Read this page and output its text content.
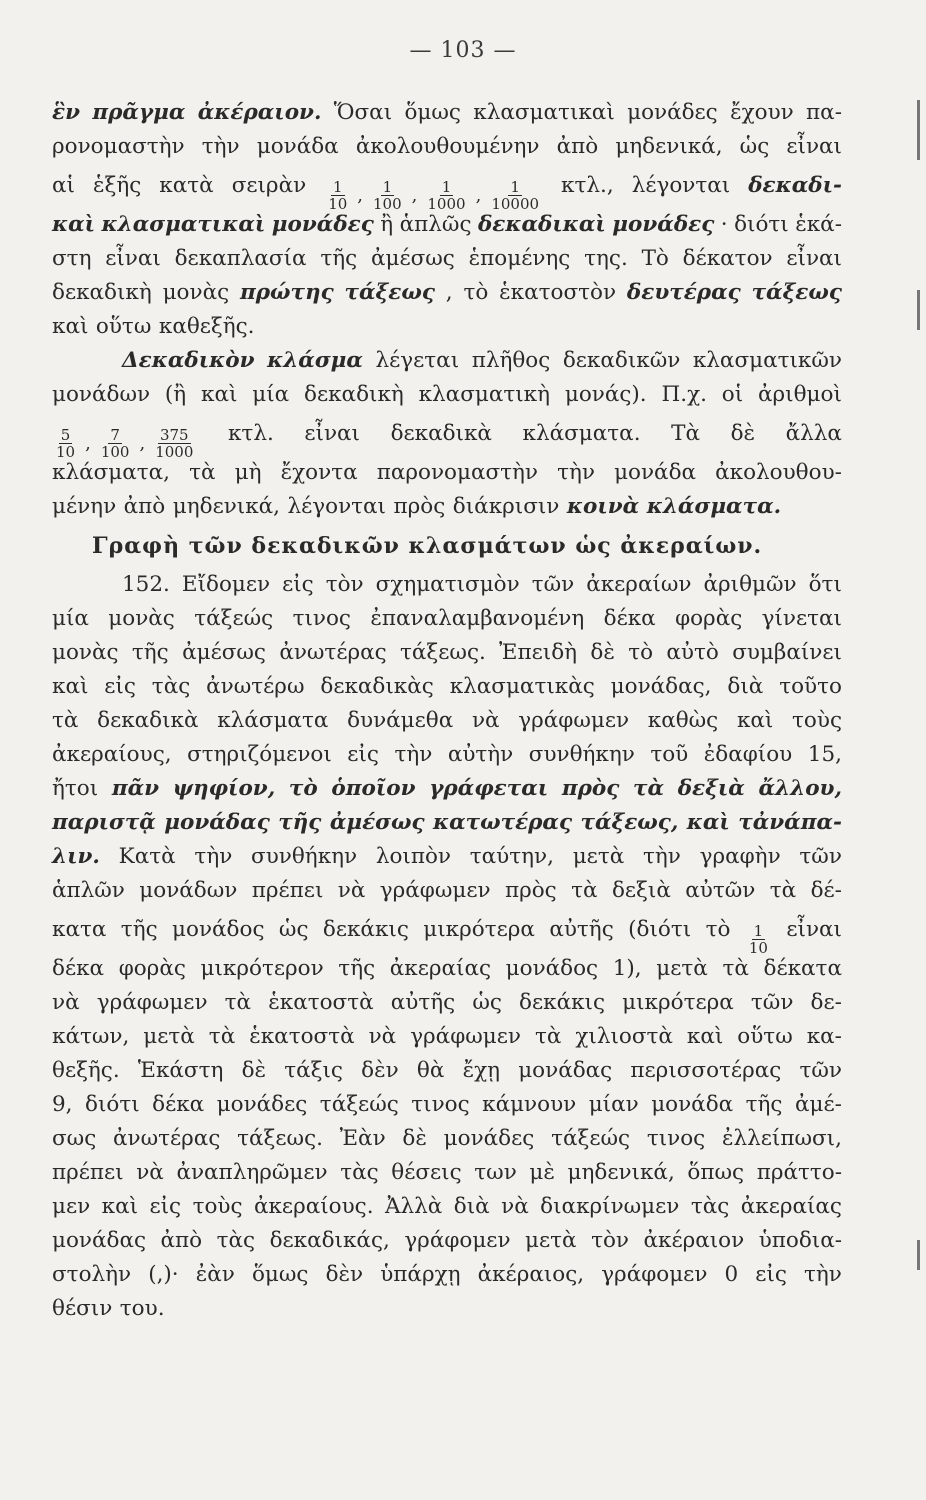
— 103 —
ἓν πρᾶγμα ἀκέραιον. Ὅσαι ὅμως κλασματικαὶ μονάδες ἔχουν πα-
ρονομαστὴν τὴν μονάδα ἀκολουθουμένην ἀπὸ μηδενικά, ὡς εἶναι
αἱ ἑξῆς κατὰ σειρὰν $\frac{1}{10}$ , $\frac{1}{100}$ , $\frac{1}{1000}$ , $\frac{1}{10000} \kappa\tau\lambda$., λέγονται δεκαδι-
καὶ κλασματικαὶ μονάδες ἢ ἁπλῶς δεκαδικαὶ μονάδες · διότι ἑκά-
στη εἶναι δεκαπλασία τῆς ἀμέσως ἑπομένης της. Τὸ δέκατον εἶναι
δεκαδικὴ μονὰς πρώτης τάξεως , τὸ ἑκατοστὸν δευτέρας τάξεως
καὶ οὕτω καθεξῆς.
Δεκαδικὸν κλάσμα λέγεται πλῆθος δεκαδικῶν κλασματικῶν
μονάδων (ἢ καὶ μία δεκαδικὴ κλασματικὴ μονάς). Π.χ. οἱ ἀριθμοὶ
$\frac{5}{10}$ , $\frac{7}{100}$ , $\frac{375}{1000} \kappa\tau\lambda$. εἶναι δεκαδικὰ κλάσματα. Τὰ δὲ ἄλλα
κλάσματα, τὰ μὴ ἔχοντα παρονομαστὴν τὴν μονάδα ἀκολουθου-
μένην ἀπὸ μηδενικά, λέγονται πρὸς διάκρισιν κοινὰ κλάσματα.
Γραφὴ τῶν δεκαδικῶν κλασμάτων ὡς ἀκεραίων.
152. Εἴδομεν εἰς τὸν σχηματισμὸν τῶν ἀκεραίων ἀριθμῶν ὅτι
μία μονὰς τάξεώς τινος ἐπαναλαμβανομένη δέκα φορὰς γίνεται
μονὰς τῆς ἀμέσως ἀνωτέρας τάξεως. Ἐπειδὴ δὲ τὸ αὐτὸ συμβαίνει
καὶ εἰς τὰς ἀνωτέρω δεκαδικὰς κλασματικὰς μονάδας, διὰ τοῦτο
τὰ δεκαδικὰ κλάσματα δυνάμεθα νὰ γράφωμεν καθὼς καὶ τοὺς
ἀκεραίους, στηριζόμενοι εἰς τὴν αὐτὴν συνθήκην τοῦ ἐδαφίου 15,
ἤτοι πᾶν ψηφίον, τὸ ὁποῖον γράφεται πρὸς τὰ δεξιὰ ἄλλου,
παριστᾷ μονάδας τῆς ἀμέσως κατωτέρας τάξεως, καὶ τἀνάπα-
λιν. Κατὰ τὴν συνθήκην λοιπὸν ταύτην, μετὰ τὴν γραφὴν τῶν
ἁπλῶν μονάδων πρέπει νὰ γράφωμεν πρὸς τὰ δεξιὰ αὐτῶν τὰ δέ-
κατα τῆς μονάδος ὡς δεκάκις μικρότερα αὐτῆς (διότι τὸ $\frac{1}{10}$ εἶναι
δέκα φορὰς μικρότερον τῆς ἀκεραίας μονάδος 1), μετὰ τὰ δέκατα
νὰ γράφωμεν τὰ ἑκατοστὰ αὐτῆς ὡς δεκάκις μικρότερα τῶν δε-
κάτων, μετὰ τὰ ἑκατοστὰ νὰ γράφωμεν τὰ χιλιοστὰ καὶ οὕτω κα-
θεξῆς. Ἑκάστη δὲ τάξις δὲν θὰ ἔχῃ μονάδας περισσοτέρας τῶν
9, διότι δέκα μονάδες τάξεώς τινος κάμνουν μίαν μονάδα τῆς ἀμέ-
σως ἀνωτέρας τάξεως. Ἐὰν δὲ μονάδες τάξεώς τινος ἐλλείπωσι,
πρέπει νὰ ἀναπληρῶμεν τὰς θέσεις των μὲ μηδενικά, ὅπως πράττο-
μεν καὶ εἰς τοὺς ἀκεραίους. Ἀλλὰ διὰ νὰ διακρίνωμεν τὰς ἀκεραίας
μονάδας ἀπὸ τὰς δεκαδικάς, γράφομεν μετὰ τὸν ἀκέραιον ὑποδια-
στολὴν (,)· ἐὰν ὅμως δὲν ὑπάρχῃ ἀκέραιος, γράφομεν 0 εἰς τὴν
θέσιν του.
